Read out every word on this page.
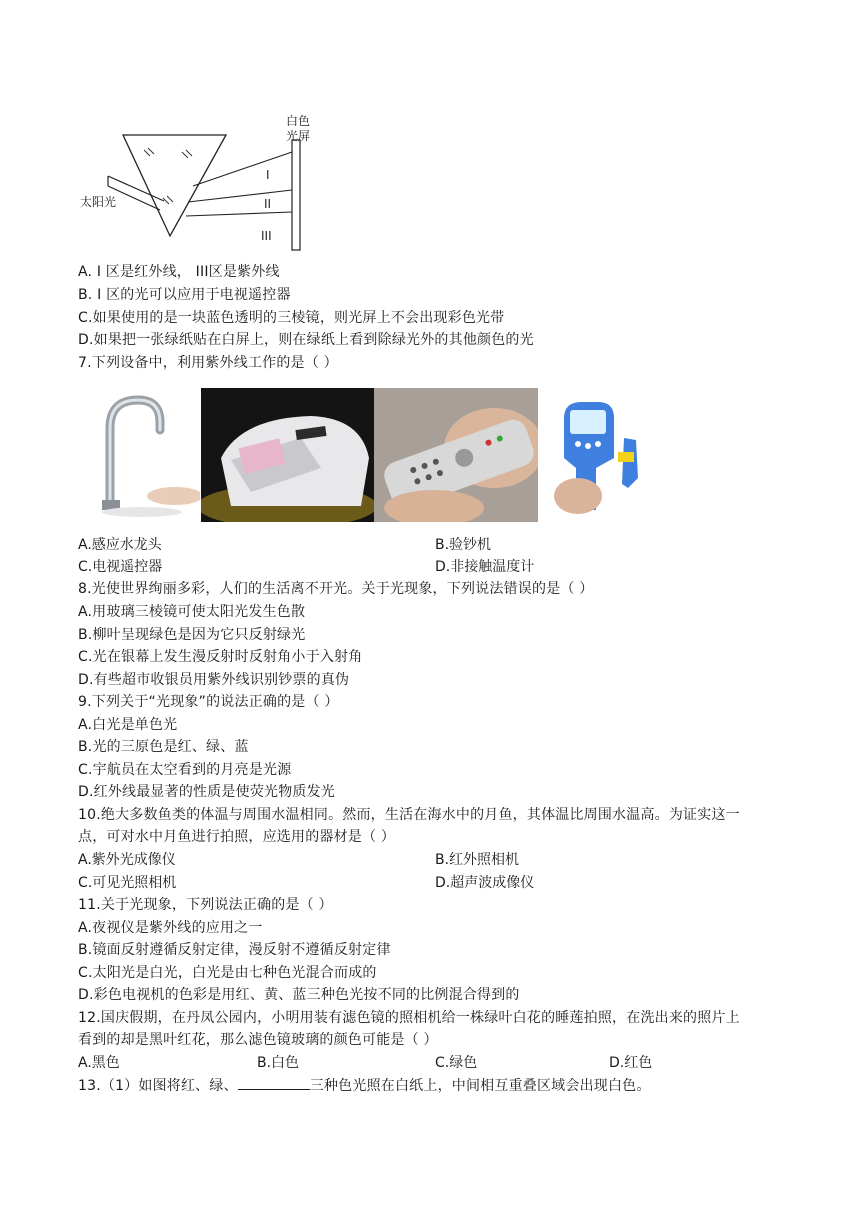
白色
光屏
太阳光
I
II
III
A. I 区是红外线， III区是紫外线
B. I 区的光可以应用于电视遥控器
C.如果使用的是一块蓝色透明的三棱镜，则光屏上不会出现彩色光带
D.如果把一张绿纸贴在白屏上，则在绿纸上看到除绿光外的其他颜色的光
7.下列设备中，利用紫外线工作的是（ ）
A.感应水龙头	B.验钞机
C.电视遥控器	D.非接触温度计
8.光使世界绚丽多彩，人们的生活离不开光。关于光现象，下列说法错误的是（ ）
A.用玻璃三棱镜可使太阳光发生色散
B.柳叶呈现绿色是因为它只反射绿光
C.光在银幕上发生漫反射时反射角小于入射角
D.有些超市收银员用紫外线识别钞票的真伪
9.下列关于“光现象”的说法正确的是（ ）
A.白光是单色光
B.光的三原色是红、绿、蓝
C.宇航员在太空看到的月亮是光源
D.红外线最显著的性质是使荧光物质发光
10.绝大多数鱼类的体温与周围水温相同。然而，生活在海水中的月鱼，其体温比周围水温高。为证实这一
点，可对水中月鱼进行拍照，应选用的器材是（ ）
A.紫外光成像仪	B.红外照相机
C.可见光照相机	D.超声波成像仪
11.关于光现象，下列说法正确的是（ ）
A.夜视仪是紫外线的应用之一
B.镜面反射遵循反射定律，漫反射不遵循反射定律
C.太阳光是白光，白光是由七种色光混合而成的
D.彩色电视机的色彩是用红、黄、蓝三种色光按不同的比例混合得到的
12.国庆假期，在丹凤公园内，小明用装有滤色镜的照相机给一株绿叶白花的睡莲拍照，在洗出来的照片上
看到的却是黑叶红花，那么滤色镜玻璃的颜色可能是（ ）
A.黑色	B.白色	C.绿色	D.红色
13.（1）如图将红、绿、	三种色光照在白纸上，中间相互重叠区域会出现白色。
